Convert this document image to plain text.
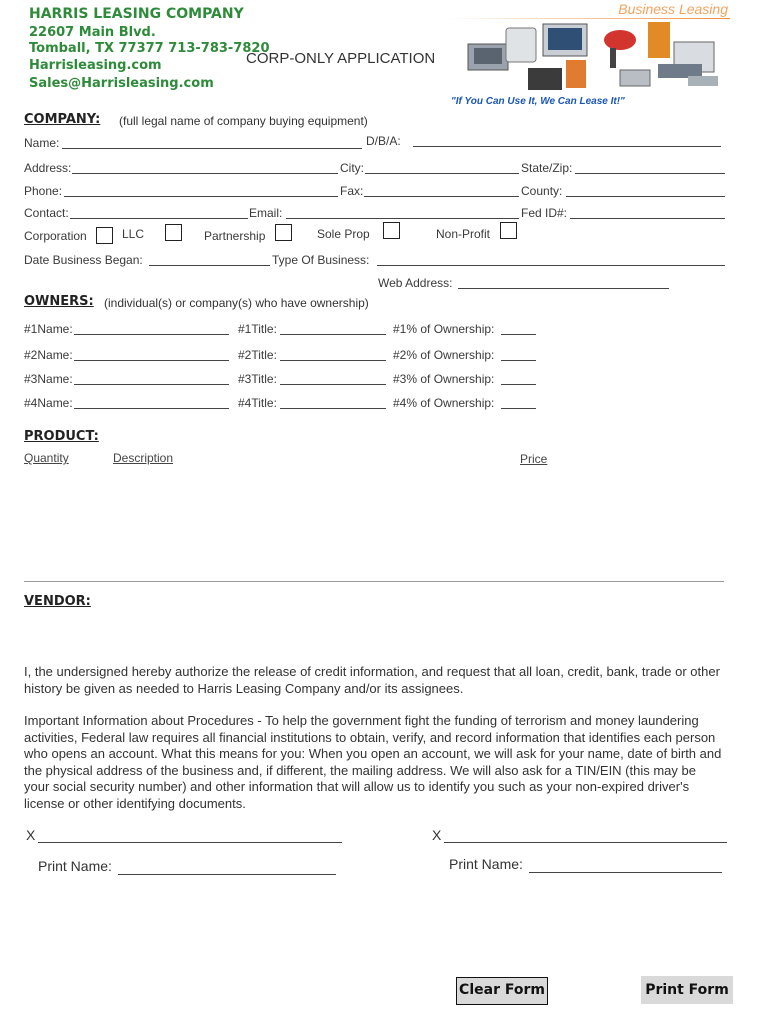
HARRIS LEASING COMPANY
22607 Main Blvd.
Tomball, TX 77377 713-783-7820
Harrisleasing.com
Sales@Harrisleasing.com
CORP-ONLY APPLICATION
Business Leasing
"If You Can Use It, We Can Lease It!"
COMPANY: (full legal name of company buying equipment)
Name:	D/B/A:
Address:	City:	State/Zip:
Phone:	Fax:	County:
Contact:	Email:	Fed ID#:
Corporation	LLC	Partnership	Sole Prop	Non-Profit
Date Business Began:	Type Of Business:
Web Address:
OWNERS: (individual(s) or company(s) who have ownership)
#1Name:	#1Title:	#1% of Ownership:
#2Name:	#2Title:	#2% of Ownership:
#3Name:	#3Title:	#3% of Ownership:
#4Name:	#4Title:	#4% of Ownership:
PRODUCT:
Quantity	Description	Price
VENDOR:
I, the undersigned hereby authorize the release of credit information, and request that all loan, credit, bank, trade or other history be given as needed to Harris Leasing Company and/or its assignees.
Important Information about Procedures - To help the government fight the funding of terrorism and money laundering activities, Federal law requires all financial institutions to obtain, verify, and record information that identifies each person who opens an account. What this means for you: When you open an account, we will ask for your name, date of birth and the physical address of the business and, if different, the mailing address. We will also ask for a TIN/EIN (this may be your social security number) and other information that will allow us to identify you such as your non-expired driver's license or other identifying documents.
X	X
Print Name:	Print Name:
Clear Form	Print Form
